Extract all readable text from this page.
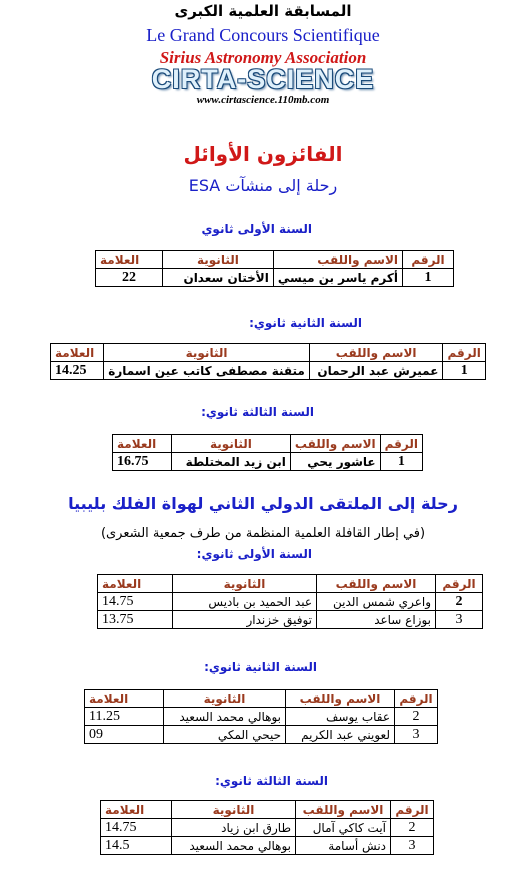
المسابقة العلمية الكبرى
Le Grand Concours Scientifique
Sirius Astronomy Association
CIRTA-SCIENCE
www.cirtascience.110mb.com
الفائزون الأوائل
رحلة إلى منشآت ESA
السنة الأولى ثانوي
الرقم	الاسم واللقب	الثانوية	العلامة
1	أكرم ياسر بن ميسي	الأختان سعدان	22
السنة الثانية ثانوي:
الرقم	الاسم واللقب	الثانوية	العلامة
1	عميرش عبد الرحمان	متقنة مصطفى كاتب عين اسمارة	14.25
السنة الثالثة ثانوي:
الرقم	الاسم واللقب	الثانوية	العلامة
1	عاشور يحي	ابن زيد المختلطة	16.75
رحلة إلى الملتقى الدولي الثاني لهواة الفلك بليبيا
(في إطار القافلة العلمية المنظمة من طرف جمعية الشعرى)
السنة الأولى ثانوي:
الرقم	الاسم واللقب	الثانوية	العلامة
2	واعري شمس الدين	عبد الحميد بن باديس	14.75
3	بوزاع ساعد	توفيق خزندار	13.75
السنة الثانية ثانوي:
الرقم	الاسم واللقب	الثانوية	العلامة
2	عقاب يوسف	بوهالي محمد السعيد	11.25
3	لعويني عبد الكريم	حيحي المكي	09
السنة الثالثة ثانوي:
الرقم	الاسم واللقب	الثانوية	العلامة
2	آيت كاكي آمال	طارق ابن زياد	14.75
3	دنش أسامة	بوهالي محمد السعيد	14.5
